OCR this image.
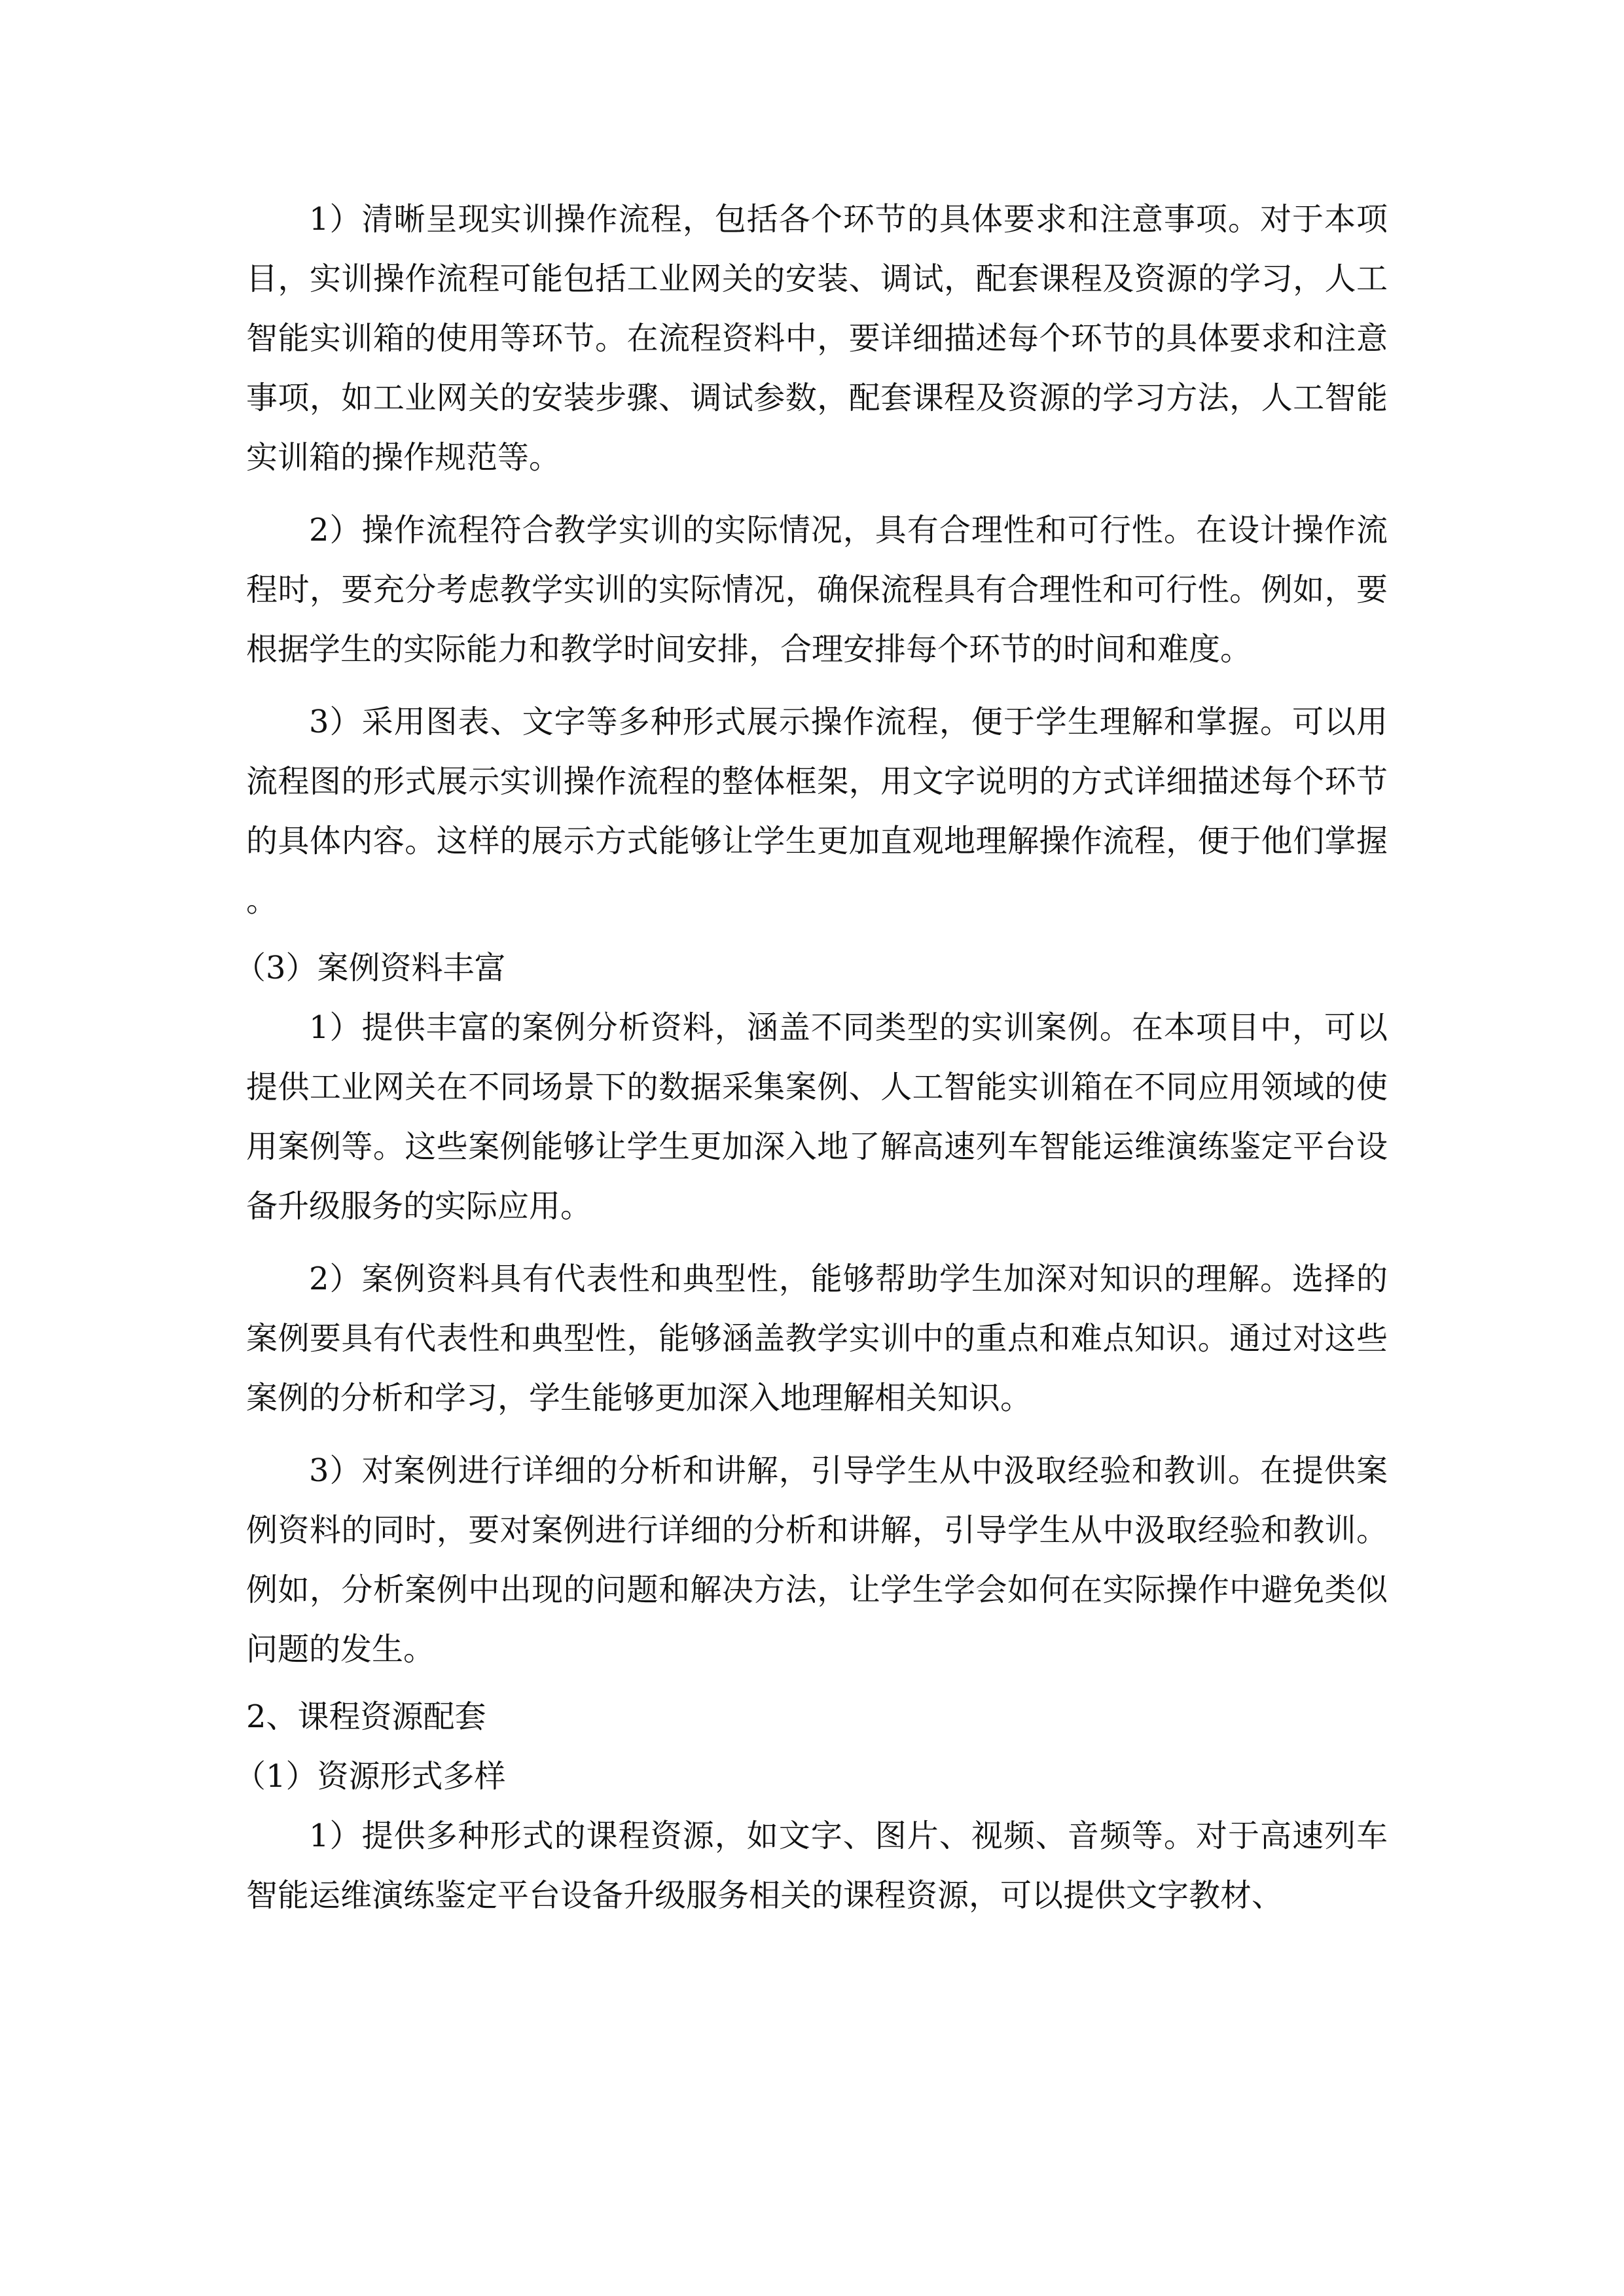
1）清晰呈现实训操作流程，包括各个环节的具体要求和注意事项。对于本项目，实训操作流程可能包括工业网关的安装、调试，配套课程及资源的学习，人工智能实训箱的使用等环节。在流程资料中，要详细描述每个环节的具体要求和注意事项，如工业网关的安装步骤、调试参数，配套课程及资源的学习方法，人工智能实训箱的操作规范等。

2）操作流程符合教学实训的实际情况，具有合理性和可行性。在设计操作流程时，要充分考虑教学实训的实际情况，确保流程具有合理性和可行性。例如，要根据学生的实际能力和教学时间安排，合理安排每个环节的时间和难度。

3）采用图表、文字等多种形式展示操作流程，便于学生理解和掌握。可以用流程图的形式展示实训操作流程的整体框架，用文字说明的方式详细描述每个环节的具体内容。这样的展示方式能够让学生更加直观地理解操作流程，便于他们掌握。

（3）案例资料丰富

1）提供丰富的案例分析资料，涵盖不同类型的实训案例。在本项目中，可以提供工业网关在不同场景下的数据采集案例、人工智能实训箱在不同应用领域的使用案例等。这些案例能够让学生更加深入地了解高速列车智能运维演练鉴定平台设备升级服务的实际应用。

2）案例资料具有代表性和典型性，能够帮助学生加深对知识的理解。选择的案例要具有代表性和典型性，能够涵盖教学实训中的重点和难点知识。通过对这些案例的分析和学习，学生能够更加深入地理解相关知识。

3）对案例进行详细的分析和讲解，引导学生从中汲取经验和教训。在提供案例资料的同时，要对案例进行详细的分析和讲解，引导学生从中汲取经验和教训。例如，分析案例中出现的问题和解决方法，让学生学会如何在实际操作中避免类似问题的发生。

2、课程资源配套

（1）资源形式多样

1）提供多种形式的课程资源，如文字、图片、视频、音频等。对于高速列车智能运维演练鉴定平台设备升级服务相关的课程资源，可以提供文字教材、
